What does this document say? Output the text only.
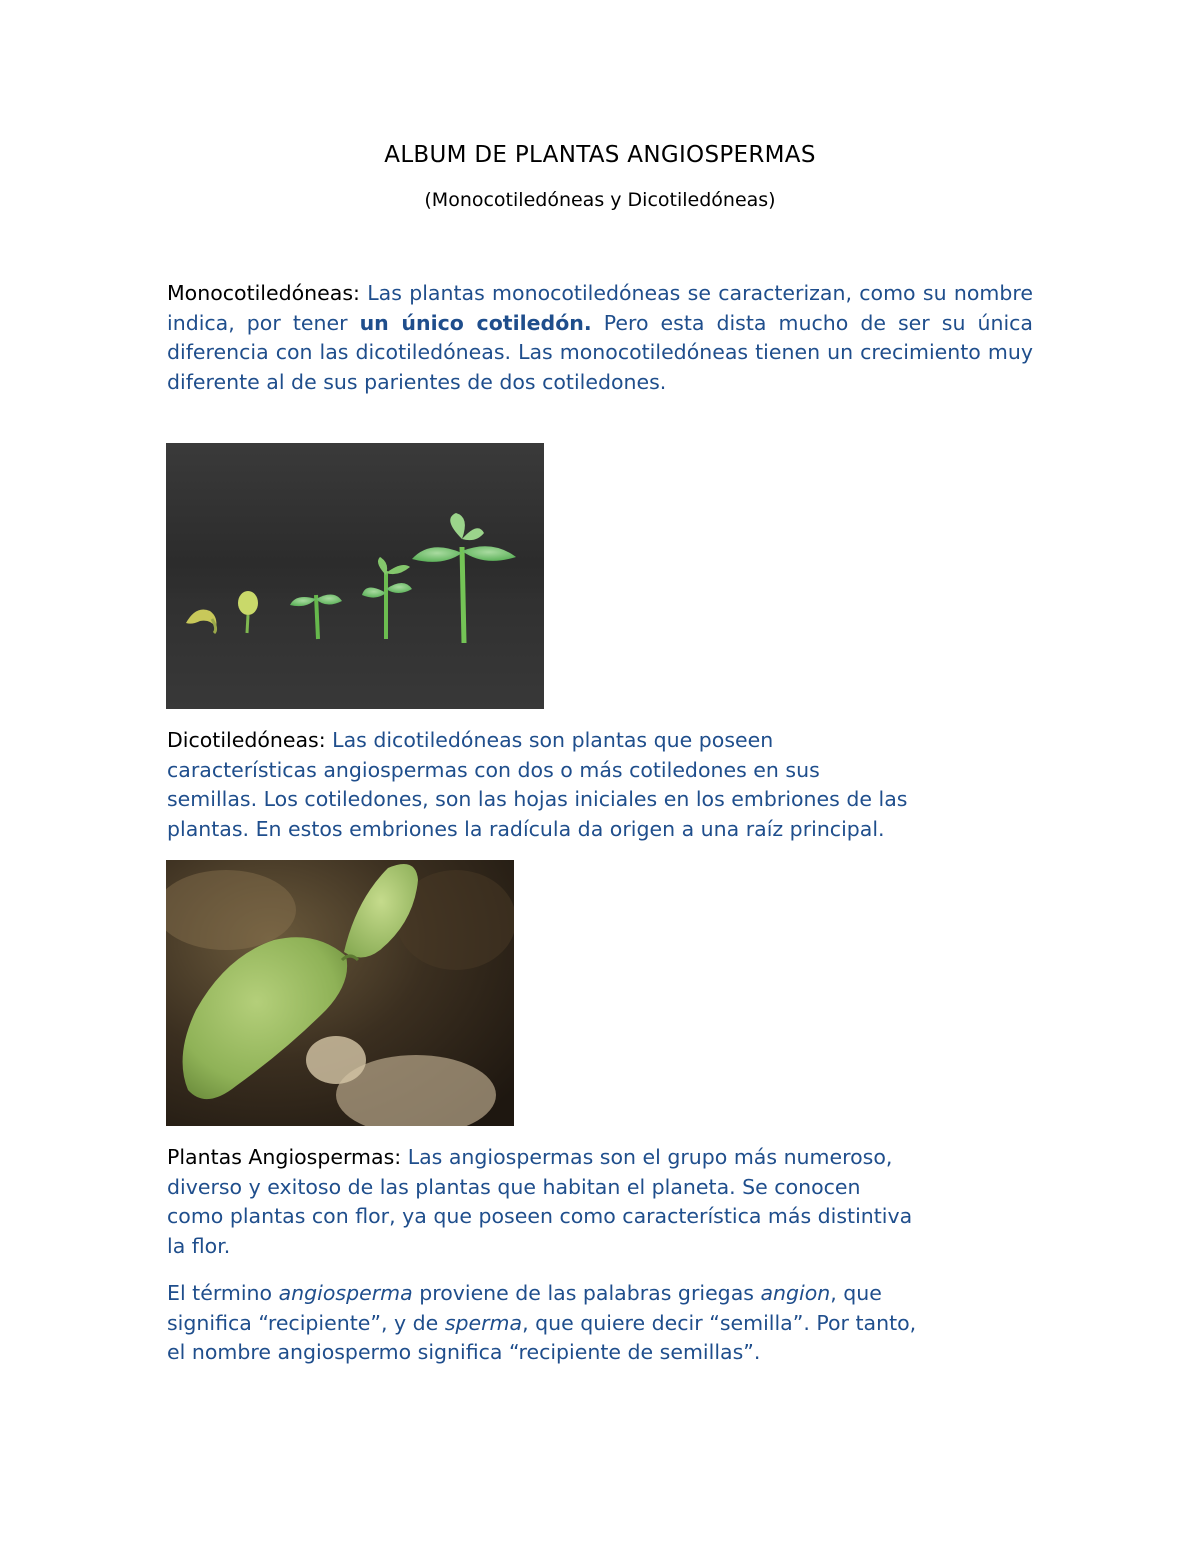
ALBUM DE PLANTAS ANGIOSPERMAS
(Monocotiledóneas y Dicotiledóneas)

Monocotiledóneas: Las plantas monocotiledóneas se caracterizan, como su nombre indica, por tener un único cotiledón. Pero esta dista mucho de ser su única diferencia con las dicotiledóneas. Las monocotiledóneas tienen un crecimiento muy diferente al de sus parientes de dos cotiledones.

Dicotiledóneas: Las dicotiledóneas son plantas que poseen
características angiospermas con dos o más cotiledones en sus
semillas. Los cotiledones, son las hojas iniciales en los embriones de las
plantas. En estos embriones la radícula da origen a una raíz principal.

Plantas Angiospermas: Las angiospermas son el grupo más numeroso,
diverso y exitoso de las plantas que habitan el planeta. Se conocen
como plantas con flor, ya que poseen como característica más distintiva
la flor.

El término angiosperma proviene de las palabras griegas angion, que
significa “recipiente”, y de sperma, que quiere decir “semilla”. Por tanto,
el nombre angiospermo significa “recipiente de semillas”.
